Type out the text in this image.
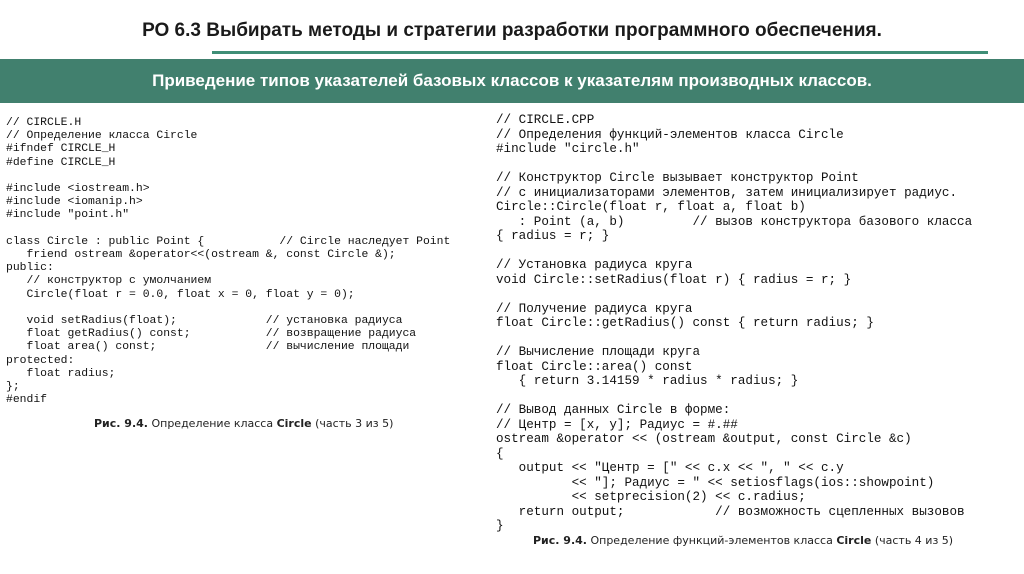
РО 6.3 Выбирать методы и стратегии разработки программного обеспечения.
Приведение типов указателей базовых классов к указателям производных классов.
// CIRCLE.H
// Определение класса Circle
#ifndef CIRCLE_H
#define CIRCLE_H

#include <iostream.h>
#include <iomanip.h>
#include "point.h"

class Circle : public Point {           // Circle наследует Point
friend ostream &operator<<(ostream &, const Circle &);
public:
// конструктор с умолчанием
Circle(float r = 0.0, float x = 0, float y = 0);

void setRadius(float);             // установка радиуса
float getRadius() const;           // возвращение радиуса
float area() const;                // вычисление площади
protected:
float radius;
};
#endif
Рис. 9.4. Определение класса Circle (часть 3 из 5)
// CIRCLE.CPP
// Определения функций-элементов класса Circle
#include "circle.h"

// Конструктор Circle вызывает конструктор Point
// с инициализаторами элементов, затем инициализирует радиус.
Circle::Circle(float r, float a, float b)
: Point (a, b)         // вызов конструктора базового класса
{ radius = r; }

// Установка радиуса круга
void Circle::setRadius(float r) { radius = r; }

// Получение радиуса круга
float Circle::getRadius() const { return radius; }

// Вычисление площади круга
float Circle::area() const
{ return 3.14159 * radius * radius; }

// Вывод данных Circle в форме:
// Центр = [x, y]; Радиус = #.##
ostream &operator << (ostream &output, const Circle &c)
{
output << "Центр = [" << c.x << ", " << c.y
<< "]; Радиус = " << setiosflags(ios::showpoint)
<< setprecision(2) << c.radius;
return output;            // возможность сцепленных вызовов
}
Рис. 9.4. Определение функций-элементов класса Circle (часть 4 из 5)
